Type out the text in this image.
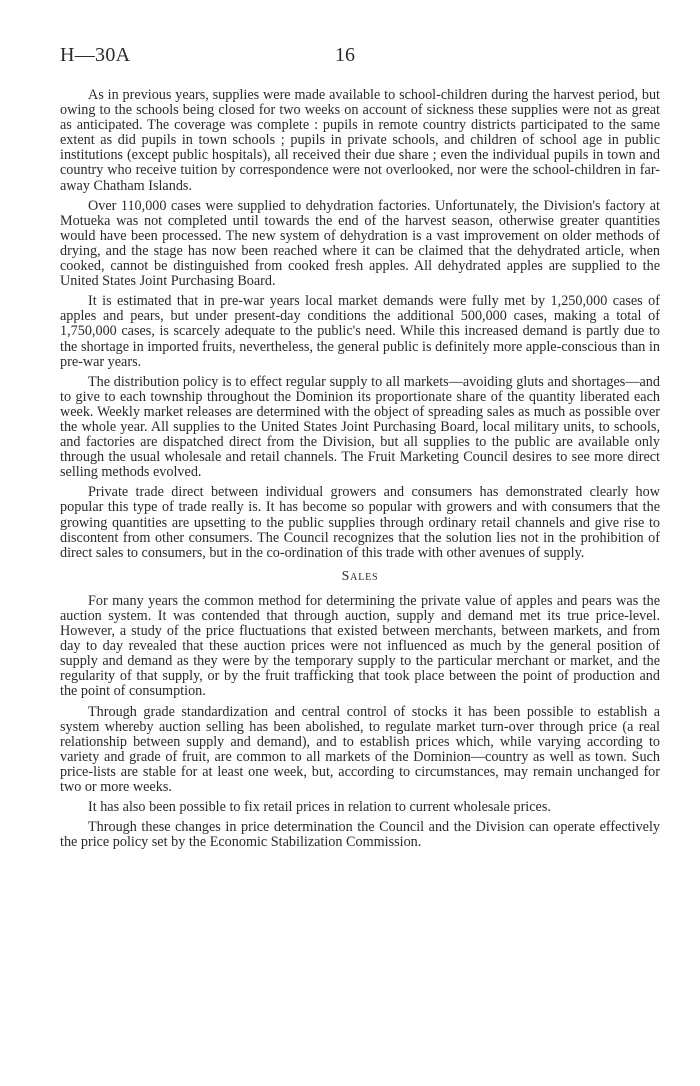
H—30A	16

As in previous years, supplies were made available to school-children during the harvest period, but owing to the schools being closed for two weeks on account of sickness these supplies were not as great as anticipated. The coverage was complete : pupils in remote country districts participated to the same extent as did pupils in town schools ; pupils in private schools, and children of school age in public institutions (except public hospitals), all received their due share ; even the individual pupils in town and country who receive tuition by correspondence were not overlooked, nor were the school-children in far-away Chatham Islands.

Over 110,000 cases were supplied to dehydration factories. Unfortunately, the Division's factory at Motueka was not completed until towards the end of the harvest season, otherwise greater quantities would have been processed. The new system of dehydration is a vast improvement on older methods of drying, and the stage has now been reached where it can be claimed that the dehydrated article, when cooked, cannot be distinguished from cooked fresh apples. All dehydrated apples are supplied to the United States Joint Purchasing Board.

It is estimated that in pre-war years local market demands were fully met by 1,250,000 cases of apples and pears, but under present-day conditions the additional 500,000 cases, making a total of 1,750,000 cases, is scarcely adequate to the public's need. While this increased demand is partly due to the shortage in imported fruits, nevertheless, the general public is definitely more apple-conscious than in pre-war years.

The distribution policy is to effect regular supply to all markets—avoiding gluts and shortages—and to give to each township throughout the Dominion its proportionate share of the quantity liberated each week. Weekly market releases are determined with the object of spreading sales as much as possible over the whole year. All supplies to the United States Joint Purchasing Board, local military units, to schools, and factories are dispatched direct from the Division, but all supplies to the public are available only through the usual wholesale and retail channels. The Fruit Marketing Council desires to see more direct selling methods evolved.

Private trade direct between individual growers and consumers has demonstrated clearly how popular this type of trade really is. It has become so popular with growers and with consumers that the growing quantities are upsetting to the public supplies through ordinary retail channels and give rise to discontent from other consumers. The Council recognizes that the solution lies not in the prohibition of direct sales to consumers, but in the co-ordination of this trade with other avenues of supply.

Sales

For many years the common method for determining the private value of apples and pears was the auction system. It was contended that through auction, supply and demand met its true price-level. However, a study of the price fluctuations that existed between merchants, between markets, and from day to day revealed that these auction prices were not influenced as much by the general position of supply and demand as they were by the temporary supply to the particular merchant or market, and the regularity of that supply, or by the fruit trafficking that took place between the point of production and the point of consumption.

Through grade standardization and central control of stocks it has been possible to establish a system whereby auction selling has been abolished, to regulate market turn-over through price (a real relationship between supply and demand), and to establish prices which, while varying according to variety and grade of fruit, are common to all markets of the Dominion—country as well as town. Such price-lists are stable for at least one week, but, according to circumstances, may remain unchanged for two or more weeks.

It has also been possible to fix retail prices in relation to current wholesale prices.

Through these changes in price determination the Council and the Division can operate effectively the price policy set by the Economic Stabilization Commission.
